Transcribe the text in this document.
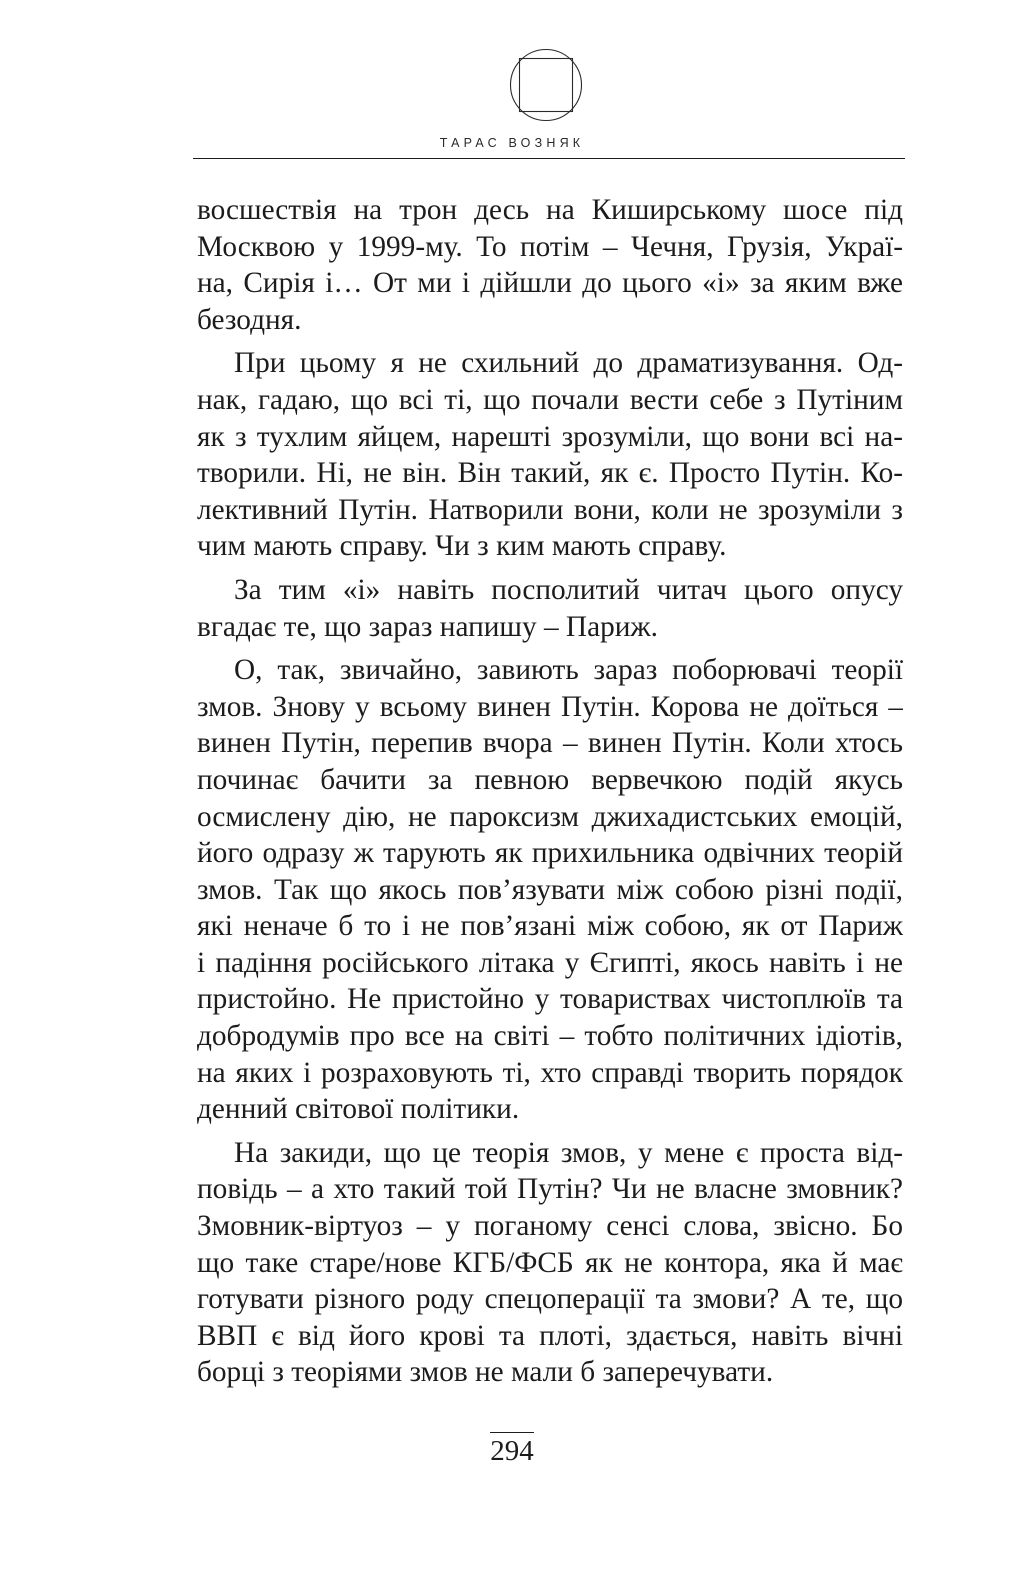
ТАРАС ВОЗНЯК

восшествія на трон десь на Киширському шосе під

Москвою у 1999-му. То потім – Чечня, Грузія, Украї-

на, Сирія і… От ми і дійшли до цього «і» за яким вже

безодня.

При цьому я не схильний до драматизування. Од-

нак, гадаю, що всі ті, що почали вести себе з Путіним

як з тухлим яйцем, нарешті зрозуміли, що вони всі на-

творили. Ні, не він. Він такий, як є. Просто Путін. Ко-

лективний Путін. Натворили вони, коли не зрозуміли з

чим мають справу. Чи з ким мають справу.

За тим «і» навіть посполитий читач цього опусу

вгадає те, що зараз напишу – Париж.

О, так, звичайно, завиють зараз поборювачі теорії

змов. Знову у всьому винен Путін. Корова не доїться –

винен Путін, перепив вчора – винен Путін. Коли хтось

починає бачити за певною вервечкою подій якусь

осмислену дію, не пароксизм джихадистських емоцій,

його одразу ж тарують як прихильника одвічних теорій

змов. Так що якось пов’язувати між собою різні події,

які неначе б то і не пов’язані між собою, як от Париж

і падіння російського літака у Єгипті, якось навіть і не

пристойно. Не пристойно у товариствах чистоплюїв та

добродумів про все на світі – тобто політичних ідіотів,

на яких і розраховують ті, хто справді творить порядок

денний світової політики.

На закиди, що це теорія змов, у мене є проста від-

повідь – а хто такий той Путін? Чи не власне змовник?

Змовник-віртуоз – у поганому сенсі слова, звісно. Бо

що таке старе/нове КГБ/ФСБ як не контора, яка й має

готувати різного роду спецоперації та змови? А те, що

ВВП є від його крові та плоті, здається, навіть вічні

борці з теоріями змов не мали б заперечувати.

294
